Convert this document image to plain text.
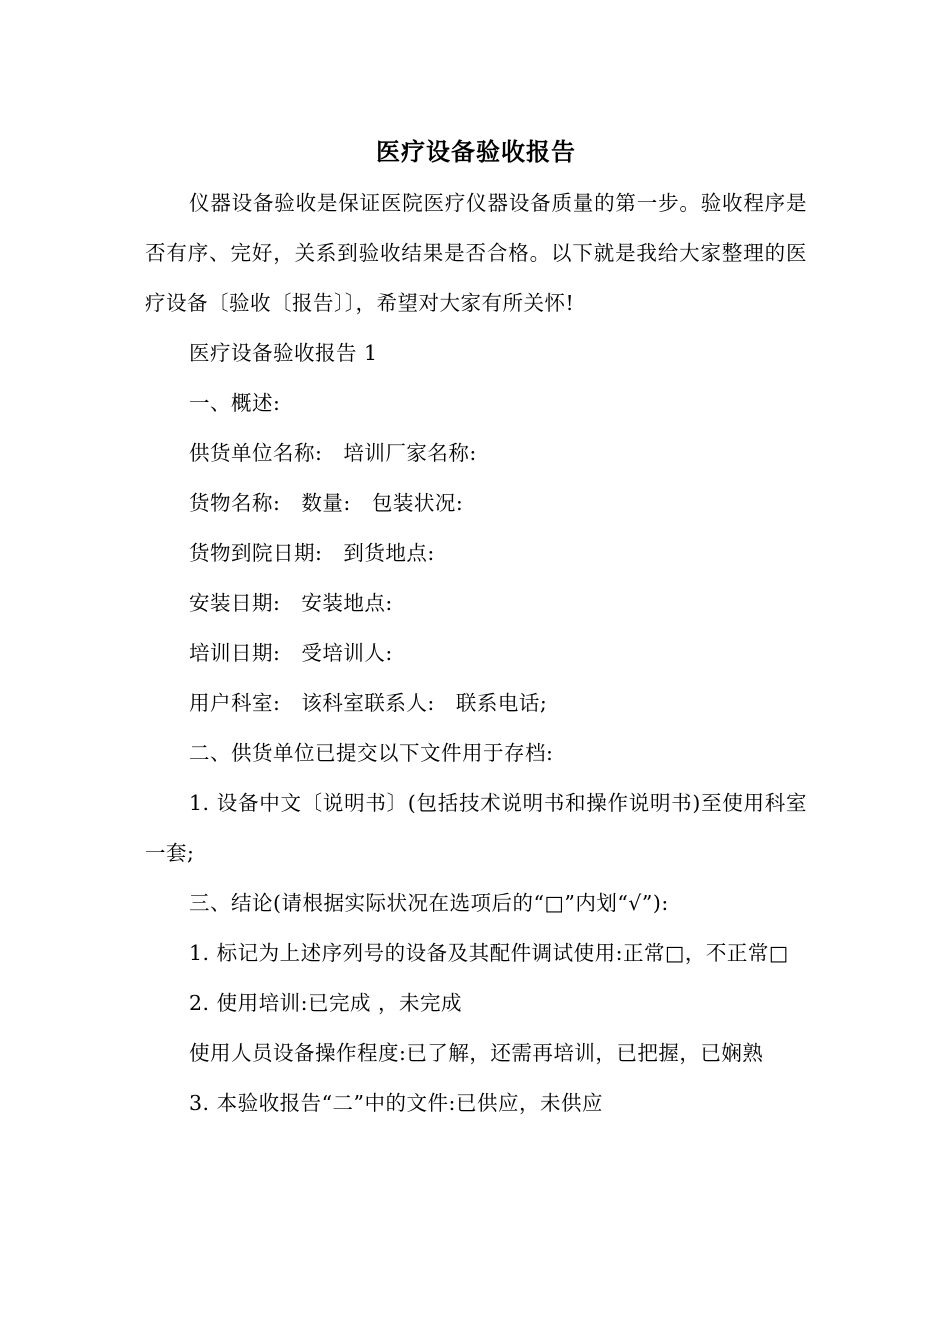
医疗设备验收报告

仪器设备验收是保证医院医疗仪器设备质量的第一步。验收程序是否有序、完好，关系到验收结果是否合格。以下就是我给大家整理的医疗设备〔验收〔报告〕〕，希望对大家有所关怀!

医疗设备验收报告 1

一、概述:

供货单位名称:　培训厂家名称:

货物名称:　数量:　包装状况:

货物到院日期:　到货地点:

安装日期:　安装地点:

培训日期:　受培训人:

用户科室:　该科室联系人:　联系电话;

二、供货单位已提交以下文件用于存档:

1. 设备中文〔说明书〕(包括技术说明书和操作说明书)至使用科室一套;

三、结论(请根据实际状况在选项后的“□”内划“√”):

1. 标记为上述序列号的设备及其配件调试使用:正常□，不正常□

2. 使用培训:已完成 ，未完成

使用人员设备操作程度:已了解，还需再培训，已把握，已娴熟

3. 本验收报告“二”中的文件:已供应，未供应
